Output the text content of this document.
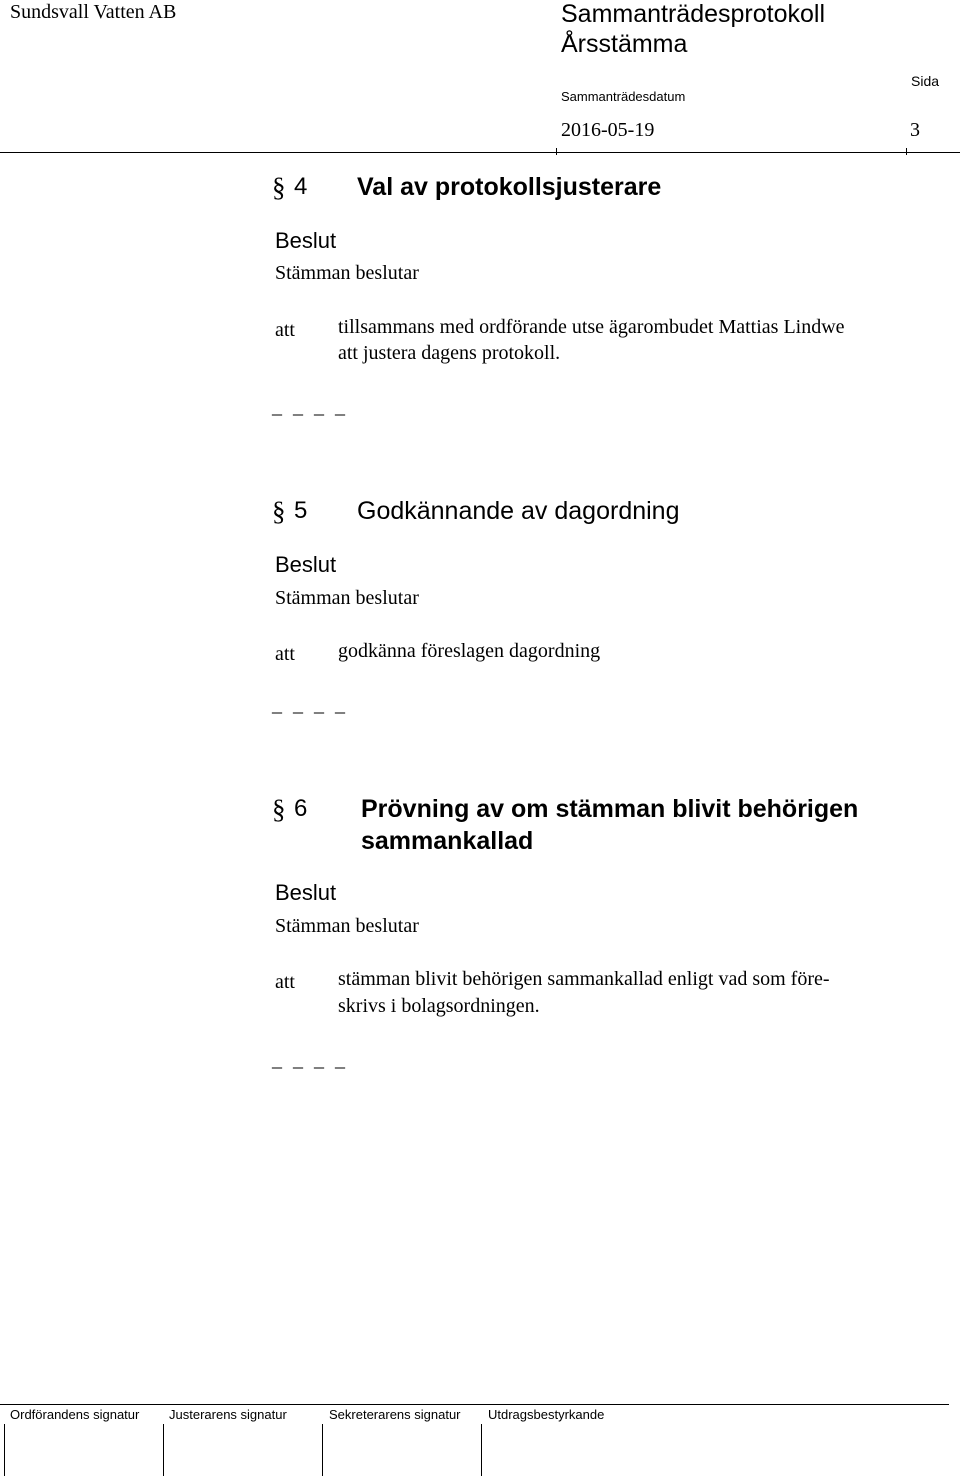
Sundsvall Vatten AB	Sammanträdesprotokoll
Årsstämma
Sammanträdesdatum
Sida
2016-05-19	3
§ 4 Val av protokollsjusterare
Beslut
Stämman beslutar
att tillsammans med ordförande utse ägarombudet Mattias Lindwe
att justera dagens protokoll.
_ _ _ _
§ 5 Godkännande av dagordning
Beslut
Stämman beslutar
att godkänna föreslagen dagordning
_ _ _ _
§ 6 Prövning av om stämman blivit behörigen
sammankallad
Beslut
Stämman beslutar
att stämman blivit behörigen sammankallad enligt vad som före-
skrivs i bolagsordningen.
_ _ _ _
Ordförandens signatur Justerarens signatur	Sekreterarens signatur Utdragsbestyrkande
